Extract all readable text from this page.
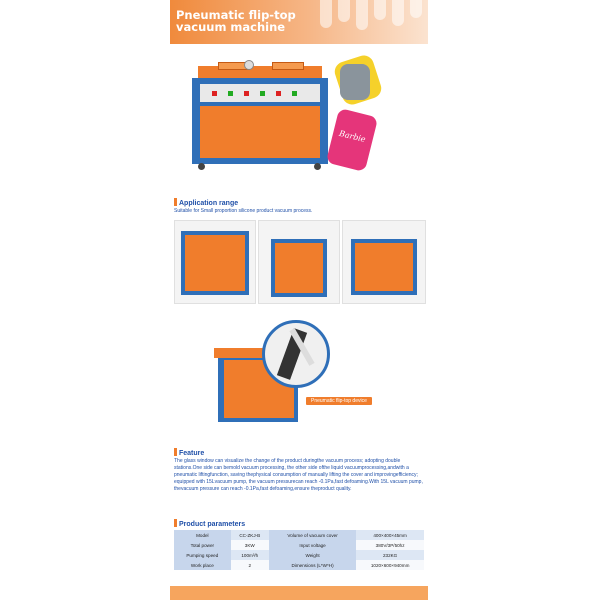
Pneumatic flip-top
vacuum machine
Barbie
Application range
Suitable for Small proportion silicone product vacuum process.
Pneumatic flip-top device
Feature
The glass window can visualize the change of the product duringthe vacuum process; adopting double stations.One side can bemold vacuum processing, the other side ofthe liquid vacuumprocessing,andwith a pneumatic liftingfunction, saving thephysical consumption of manually lifting the cover and improvingefficiency; equipped with 15Lvacuum pump, the vacuum pressurecan reach -0.1Pa,fast defoaming.With 15L vacuum pump, thevacuum pressure can reach -0.1Pa,fast defoaming,ensure theproduct quality.
Product parameters
Model	CC-ZKJ-B	Volume of vacuum cover	400×400×45mm
Total power	3KW	Input voltage	380V/3P/50hz
Pumping speed	100m³/h	Weight	232KG
Work place	2	Dimensions (L*W*H)	1020×600×940mm
